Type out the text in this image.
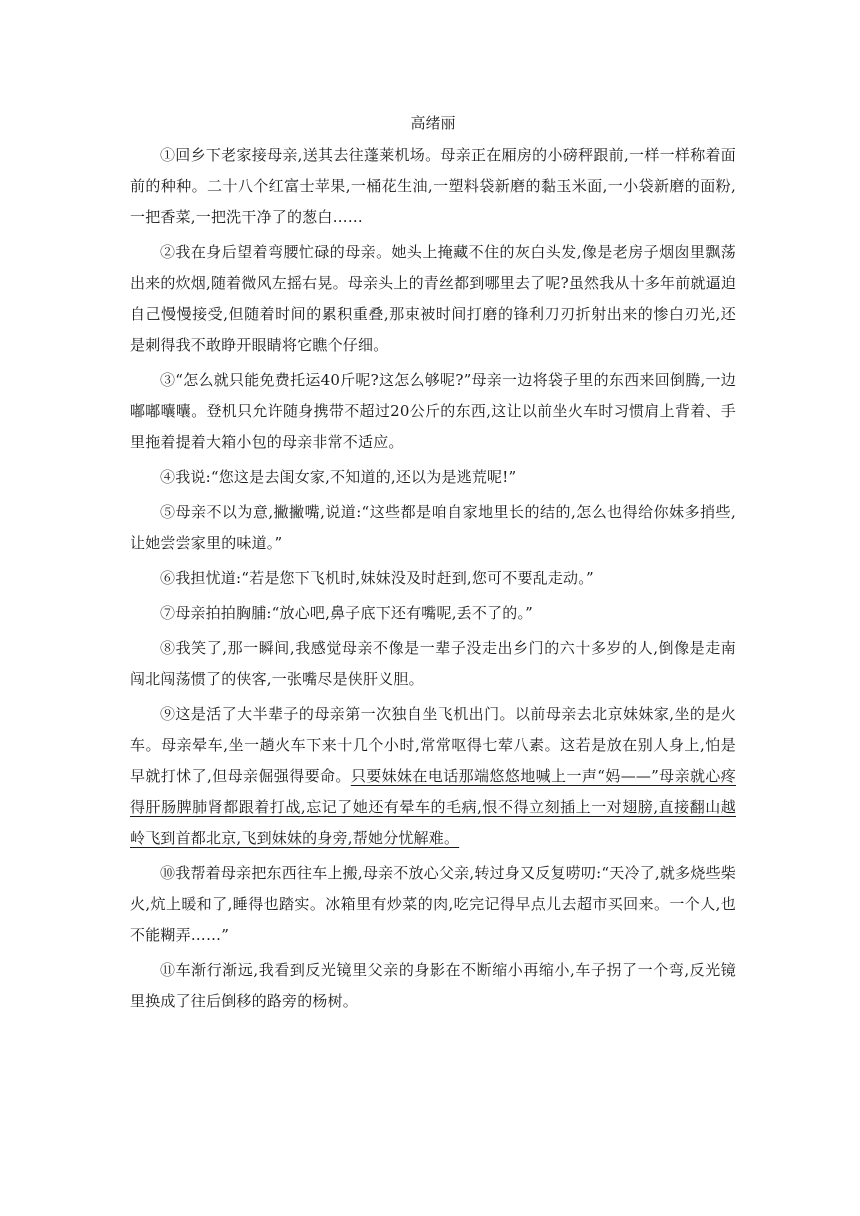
高绪丽

①回乡下老家接母亲,送其去往蓬莱机场。母亲正在厢房的小磅秤跟前,一样一样称着面前的种种。二十八个红富士苹果,一桶花生油,一塑料袋新磨的黏玉米面,一小袋新磨的面粉,一把香菜,一把洗干净了的葱白……

②我在身后望着弯腰忙碌的母亲。她头上掩藏不住的灰白头发,像是老房子烟囱里飘荡出来的炊烟,随着微风左摇右晃。母亲头上的青丝都到哪里去了呢?虽然我从十多年前就逼迫自己慢慢接受,但随着时间的累积重叠,那束被时间打磨的锋利刀刃折射出来的惨白刃光,还是刺得我不敢睁开眼睛将它瞧个仔细。

③“怎么就只能免费托运40斤呢?这怎么够呢?”母亲一边将袋子里的东西来回倒腾,一边嘟嘟囔囔。登机只允许随身携带不超过20公斤的东西,这让以前坐火车时习惯肩上背着、手里拖着提着大箱小包的母亲非常不适应。

④我说:“您这是去闺女家,不知道的,还以为是逃荒呢!”

⑤母亲不以为意,撇撇嘴,说道:“这些都是咱自家地里长的结的,怎么也得给你妹多捎些,让她尝尝家里的味道。”

⑥我担忧道:“若是您下飞机时,妹妹没及时赶到,您可不要乱走动。”

⑦母亲拍拍胸脯:“放心吧,鼻子底下还有嘴呢,丢不了的。”

⑧我笑了,那一瞬间,我感觉母亲不像是一辈子没走出乡门的六十多岁的人,倒像是走南闯北闯荡惯了的侠客,一张嘴尽是侠肝义胆。

⑨这是活了大半辈子的母亲第一次独自坐飞机出门。以前母亲去北京妹妹家,坐的是火车。母亲晕车,坐一趟火车下来十几个小时,常常呕得七荤八素。这若是放在别人身上,怕是早就打怵了,但母亲倔强得要命。只要妹妹在电话那端悠悠地喊上一声“妈——”母亲就心疼得肝肠脾肺肾都跟着打战,忘记了她还有晕车的毛病,恨不得立刻插上一对翅膀,直接翻山越岭飞到首都北京,飞到妹妹的身旁,帮她分忧解难。

⑩我帮着母亲把东西往车上搬,母亲不放心父亲,转过身又反复唠叨:“天冷了,就多烧些柴火,炕上暖和了,睡得也踏实。冰箱里有炒菜的肉,吃完记得早点儿去超市买回来。一个人,也不能糊弄……”

⑪车渐行渐远,我看到反光镜里父亲的身影在不断缩小再缩小,车子拐了一个弯,反光镜里换成了往后倒移的路旁的杨树。
